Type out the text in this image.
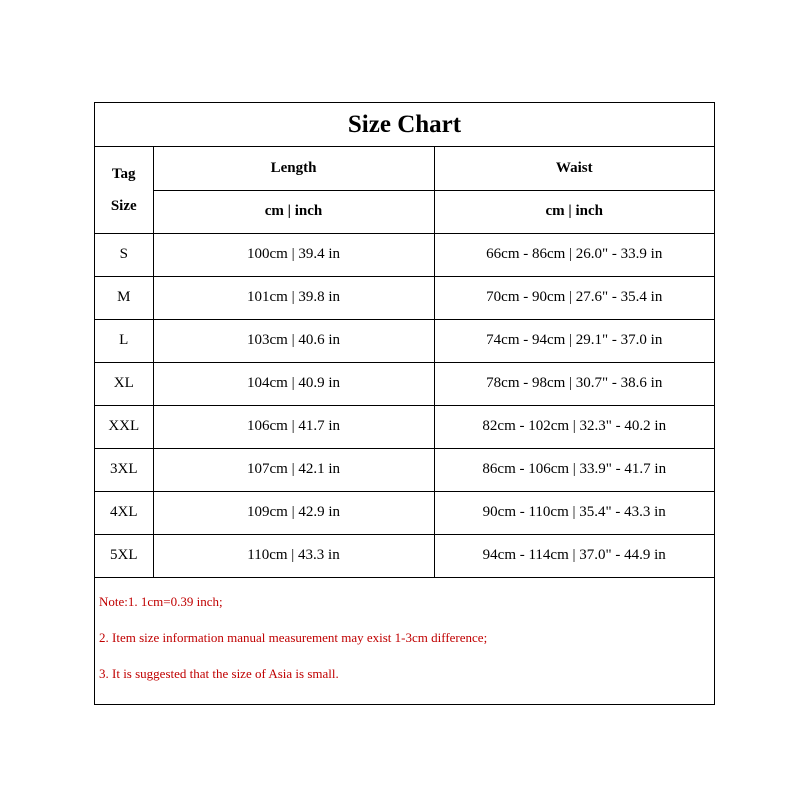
Size Chart
Tag
Size	Length	Waist
	cm | inch	cm | inch
S	100cm | 39.4 in	66cm - 86cm | 26.0" - 33.9 in
M	101cm | 39.8 in	70cm - 90cm | 27.6" - 35.4 in
L	103cm | 40.6 in	74cm - 94cm | 29.1" - 37.0 in
XL	104cm | 40.9 in	78cm - 98cm | 30.7" - 38.6 in
XXL	106cm | 41.7 in	82cm - 102cm | 32.3" - 40.2 in
3XL	107cm | 42.1 in	86cm - 106cm | 33.9" - 41.7 in
4XL	109cm | 42.9 in	90cm - 110cm | 35.4" - 43.3 in
5XL	110cm | 43.3 in	94cm - 114cm | 37.0" - 44.9 in
Note:1. 1cm=0.39 inch;
2. Item size information manual measurement may exist 1-3cm difference;
3. It is suggested that the size of Asia is small.
